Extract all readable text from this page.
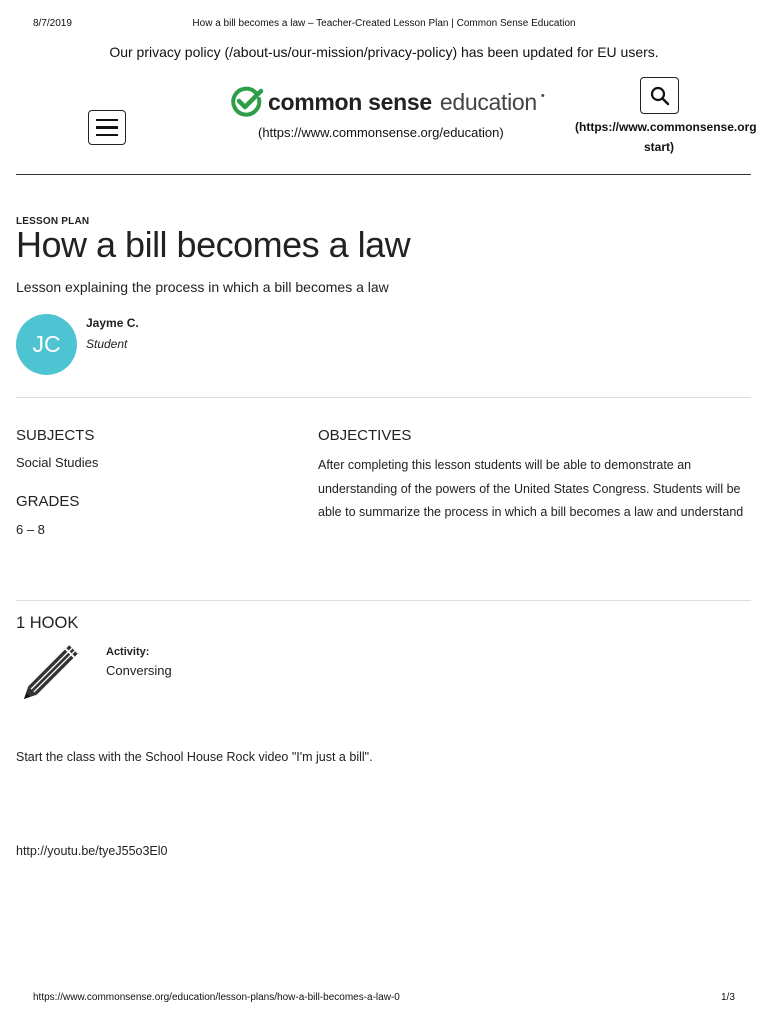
8/7/2019	How a bill becomes a law – Teacher-Created Lesson Plan | Common Sense Education
Our privacy policy (/about-us/our-mission/privacy-policy) has been updated for EU users.
common sense education •
(https://www.commonsense.org/education)	(https://www.commonsense.org
start)
LESSON PLAN
How a bill becomes a law
Lesson explaining the process in which a bill becomes a law
JC
Jayme C.
Student
SUBJECTS
Social Studies
GRADES
6 – 8
OBJECTIVES
After completing this lesson students will be able to demonstrate an understanding of the powers of the United States Congress. Students will be able to summarize the process in which a bill becomes a law and understand
1 HOOK
Activity:
Conversing
Start the class with the School House Rock video "I'm just a bill".
http://youtu.be/tyeJ55o3El0
https://www.commonsense.org/education/lesson-plans/how-a-bill-becomes-a-law-0	1/3
